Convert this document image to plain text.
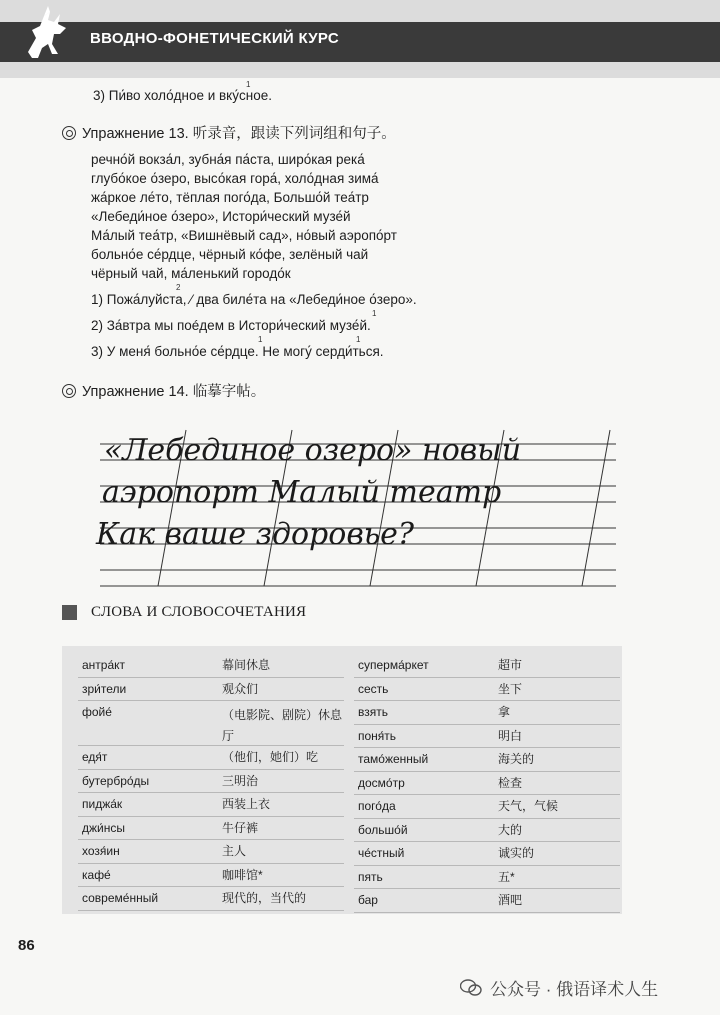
ВВОДНО-ФОНЕТИЧЕСКИЙ КУРС
1
3) Пи́во холо́дное и вку́сное.
Упражнение 13. 听录音，跟读下列词组和句子。
речно́й вокза́л, зубна́я па́ста, широ́кая река́
глубо́кое о́зеро, высо́кая гора́, холо́дная зима́
жа́ркое ле́то, тёплая пого́да, Большо́й теа́тр
«Лебеди́ное о́зеро», Истори́ческий музе́й
Ма́лый теа́тр, «Вишнёвый сад», но́вый аэропо́рт
больно́е се́рдце, чёрный ко́фе, зелёный чай
чёрный чай, ма́ленький городо́к
2
1) Пожа́луйста, ⁄ два биле́та на «Лебеди́ное о́зеро».
1
2) За́втра мы поéдем в Истори́ческий музе́й.
1	1
3) У меня́ больно́е се́рдце. Не могу́ серди́ться.
Упражнение 14. 临摹字帖。
«Лебединое озеро» новый
аэропорт Малый театр
Как ваше здоровье?
СЛОВА И СЛОВОСОЧЕТАНИЯ
антра́кт	幕间休息
зри́тели	观众们
фойе́	（电影院、剧院）休息厅
едя́т	（他们，她们）吃
бутербро́ды	三明治
пиджа́к	西装上衣
джи́нсы	牛仔裤
хозя́ин	主人
кафе́	咖啡馆*
совреме́нный	现代的，当代的
суперма́ркет	超市
сесть	坐下
взять	拿
поня́ть	明白
тамо́женный	海关的
досмо́тр	检查
пого́да	天气，气候
большо́й	大的
че́стный	诚实的
пять	五*
бар	酒吧
86
公众号 · 俄语译术人生
